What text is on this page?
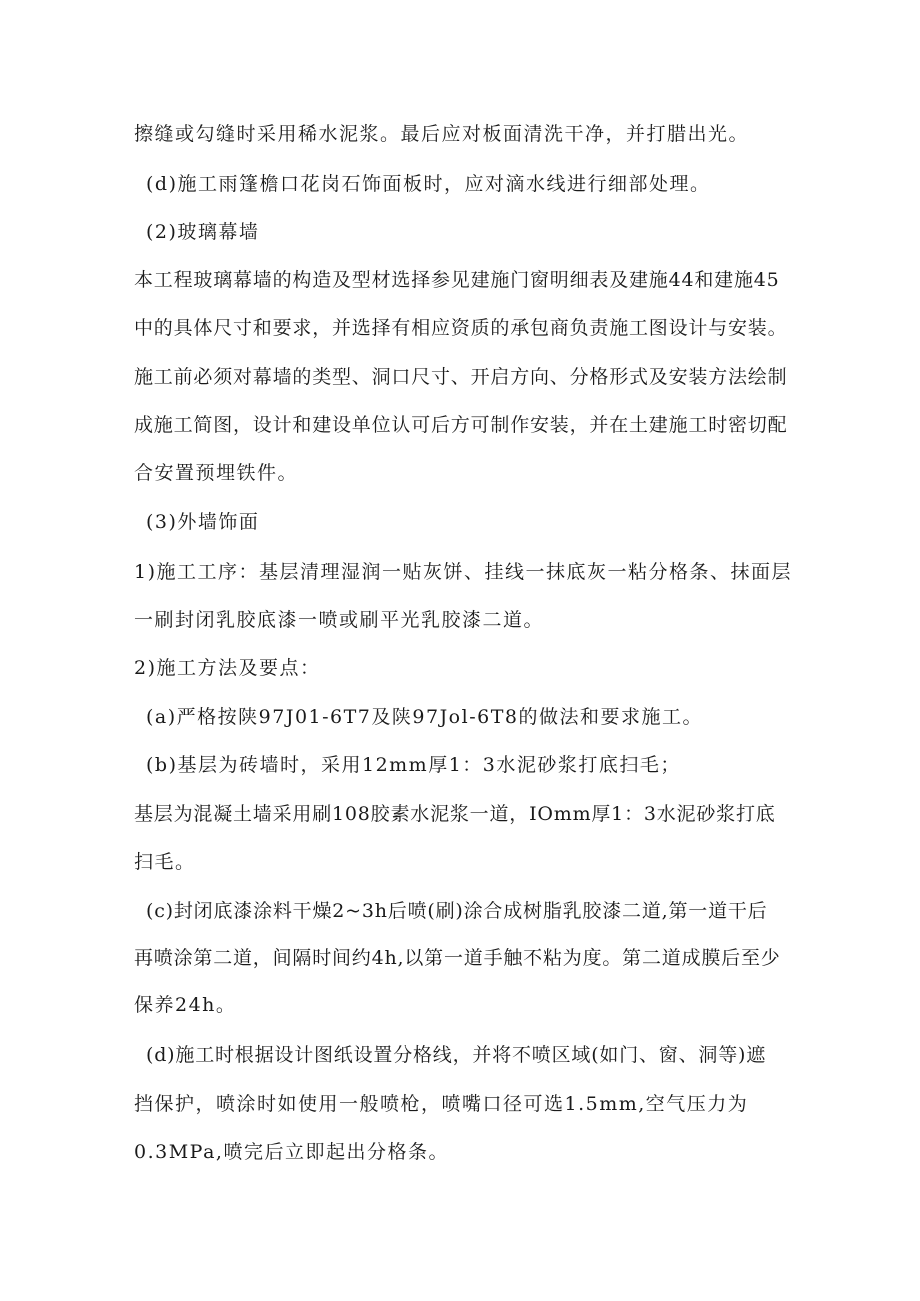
擦缝或勾缝时采用稀水泥浆。最后应对板面清洗干净，并打腊出光。

(d)施工雨篷檐口花岗石饰面板时，应对滴水线进行细部处理。

(2)玻璃幕墙

本工程玻璃幕墙的构造及型材选择参见建施门窗明细表及建施44和建施45

中的具体尺寸和要求，并选择有相应资质的承包商负责施工图设计与安装。

施工前必须对幕墙的类型、洞口尺寸、开启方向、分格形式及安装方法绘制

成施工简图，设计和建设单位认可后方可制作安装，并在土建施工时密切配

合安置预埋铁件。

(3)外墙饰面

1)施工工序：基层清理湿润一贴灰饼、挂线一抹底灰一粘分格条、抹面层

一刷封闭乳胶底漆一喷或刷平光乳胶漆二道。

2)施工方法及要点：

(a)严格按陕97J01-6T7及陕97Jol-6T8的做法和要求施工。

(b)基层为砖墙时，采用12mm厚1：3水泥砂浆打底扫毛；

基层为混凝土墙采用刷108胶素水泥浆一道，IOmm厚1：3水泥砂浆打底

扫毛。

(c)封闭底漆涂料干燥2~3h后喷(刷)涂合成树脂乳胶漆二道,第一道干后

再喷涂第二道，间隔时间约4h,以第一道手触不粘为度。第二道成膜后至少

保养24h。

(d)施工时根据设计图纸设置分格线，并将不喷区域(如门、窗、洞等)遮

挡保护，喷涂时如使用一般喷枪，喷嘴口径可选1.5mm,空气压力为

0.3MPa,喷完后立即起出分格条。
